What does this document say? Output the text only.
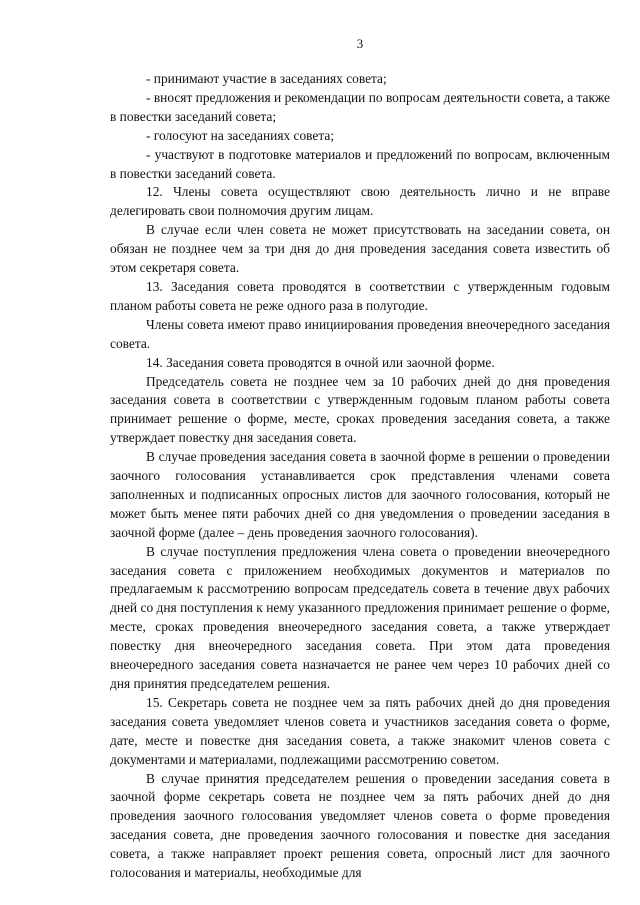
3

- принимают участие в заседаниях совета;

- вносят предложения и рекомендации по вопросам деятельности совета, а также в повестки заседаний совета;

- голосуют на заседаниях совета;

- участвуют в подготовке материалов и предложений по вопросам, включенным в повестки заседаний совета.

12. Члены совета осуществляют свою деятельность лично и не вправе делегировать свои полномочия другим лицам.

В случае если член совета не может присутствовать на заседании совета, он обязан не позднее чем за три дня до дня проведения заседания совета известить об этом секретаря совета.

13. Заседания совета проводятся в соответствии с утвержденным годовым планом работы совета не реже одного раза в полугодие.

Члены совета имеют право инициирования проведения внеочередного заседания совета.

14. Заседания совета проводятся в очной или заочной форме.

Председатель совета не позднее чем за 10 рабочих дней до дня проведения заседания совета в соответствии с утвержденным годовым планом работы совета принимает решение о форме, месте, сроках проведения заседания совета, а также утверждает повестку дня заседания совета.

В случае проведения заседания совета в заочной форме в решении о проведении заочного голосования устанавливается срок представления членами совета заполненных и подписанных опросных листов для заочного голосования, который не может быть менее пяти рабочих дней со дня уведомления о проведении заседания в заочной форме (далее – день проведения заочного голосования).

В случае поступления предложения члена совета о проведении внеочередного заседания совета с приложением необходимых документов и материалов по предлагаемым к рассмотрению вопросам председатель совета в течение двух рабочих дней со дня поступления к нему указанного предложения принимает решение о форме, месте, сроках проведения внеочередного заседания совета, а также утверждает повестку дня внеочередного заседания совета. При этом дата проведения внеочередного заседания совета назначается не ранее чем через 10 рабочих дней со дня принятия председателем решения.

15. Секретарь совета не позднее чем за пять рабочих дней до дня проведения заседания совета уведомляет членов совета и участников заседания совета о форме, дате, месте и повестке дня заседания совета, а также знакомит членов совета с документами и материалами, подлежащими рассмотрению советом.

В случае принятия председателем решения о проведении заседания совета в заочной форме секретарь совета не позднее чем за пять рабочих дней до дня проведения заочного голосования уведомляет членов совета о форме проведения заседания совета, дне проведения заочного голосования и повестке дня заседания совета, а также направляет проект решения совета, опросный лист для заочного голосования и материалы, необходимые для
